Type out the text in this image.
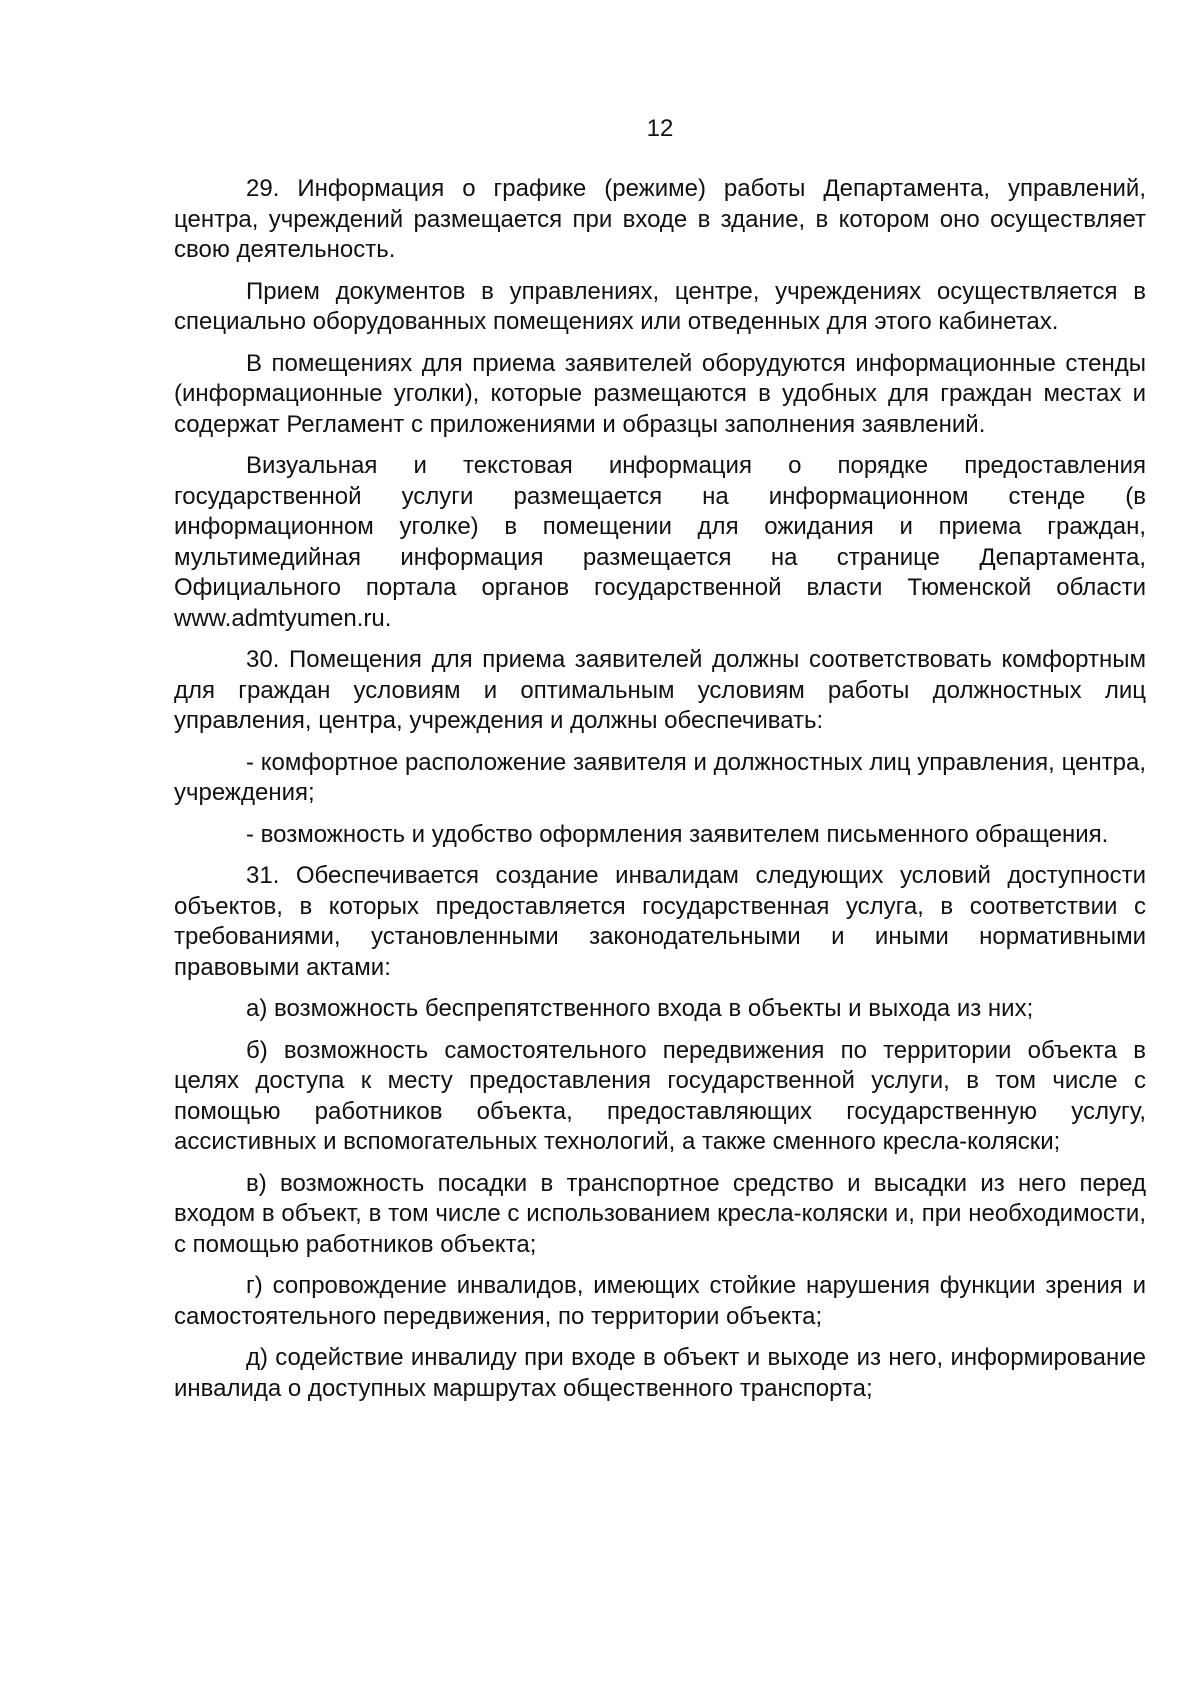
12

29. Информация о графике (режиме) работы Департамента, управлений, центра, учреждений размещается при входе в здание, в котором оно осуществляет свою деятельность.

Прием документов в управлениях, центре, учреждениях осуществляется в специально оборудованных помещениях или отведенных для этого кабинетах.

В помещениях для приема заявителей оборудуются информационные стенды (информационные уголки), которые размещаются в удобных для граждан местах и содержат Регламент с приложениями и образцы заполнения заявлений.

Визуальная и текстовая информация о порядке предоставления государственной услуги размещается на информационном стенде (в информационном уголке) в помещении для ожидания и приема граждан, мультимедийная информация размещается на странице Департамента, Официального портала органов государственной власти Тюменской области www.admtyumen.ru.

30. Помещения для приема заявителей должны соответствовать комфортным для граждан условиям и оптимальным условиям работы должностных лиц управления, центра, учреждения и должны обеспечивать:

- комфортное расположение заявителя и должностных лиц управления, центра, учреждения;

- возможность и удобство оформления заявителем письменного обращения.

31. Обеспечивается создание инвалидам следующих условий доступности объектов, в которых предоставляется государственная услуга, в соответствии с требованиями, установленными законодательными и иными нормативными правовыми актами:

а) возможность беспрепятственного входа в объекты и выхода из них;

б) возможность самостоятельного передвижения по территории объекта в целях доступа к месту предоставления государственной услуги, в том числе с помощью работников объекта, предоставляющих государственную услугу, ассистивных и вспомогательных технологий, а также сменного кресла-коляски;

в) возможность посадки в транспортное средство и высадки из него перед входом в объект, в том числе с использованием кресла-коляски и, при необходимости, с помощью работников объекта;

г) сопровождение инвалидов, имеющих стойкие нарушения функции зрения и самостоятельного передвижения, по территории объекта;

д) содействие инвалиду при входе в объект и выходе из него, информирование инвалида о доступных маршрутах общественного транспорта;
